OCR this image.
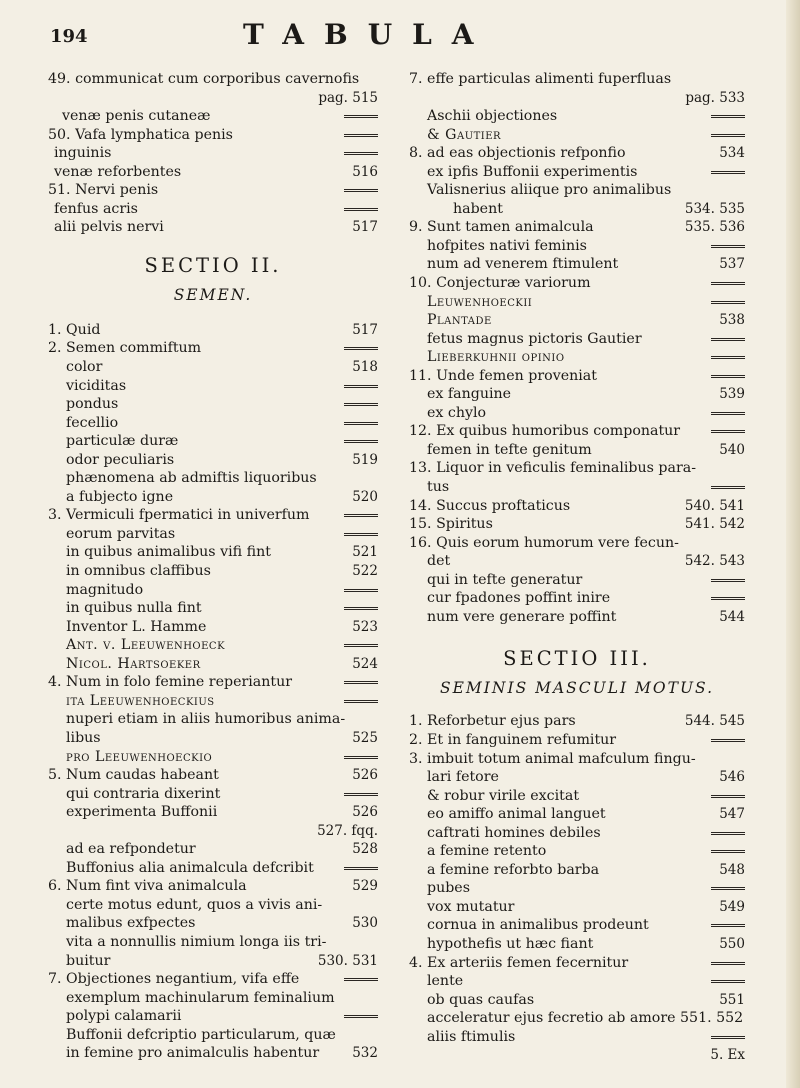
194	TABULA
49. communicat cum corporibus cavernofis
pag. 515
venæ penis cutaneæ
50. Vafa lymphatica penis
inguinis
venæ reforbentes	516
51. Nervi penis
fenfus acris
alii pelvis nervi	517
SECTIO II.
SEMEN.
1. Quid	517
2. Semen commiftum
color	518
viciditas
pondus
fecellio
particulæ duræ
odor peculiaris	519
phænomena ab admiftis liquoribus
a fubjecto igne	520
3. Vermiculi fpermatici in univerfum
eorum parvitas
in quibus animalibus vifi fint	521
in omnibus claffibus	522
magnitudo
in quibus nulla fint
Inventor L. Hamme	523
Ant. v. Leeuwenhoeck
Nicol. Hartsoeker	524
4. Num in folo femine reperiantur
ita Leeuwenhoeckius
nuperi etiam in aliis humoribus anima-
libus	525
pro Leeuwenhoeckio
5. Num caudas habeant	526
qui contraria dixerint
experimenta Buffonii	526
527. fqq.
ad ea refpondetur	528
Buffonius alia animalcula defcribit
6. Num fint viva animalcula	529
certe motus edunt, quos a vivis ani-
malibus exfpectes	530
vita a nonnullis nimium longa iis tri-
buitur	530. 531
7. Objectiones negantium, vifa effe
exemplum machinularum feminalium
polypi calamarii
Buffonii defcriptio particularum, quæ
in femine pro animalculis habentur 532
7. effe particulas alimenti fuperfluas
pag. 533
Aschii objectiones
& Gautier
8. ad eas objectionis refponfio	534
ex ipfis Buffonii experimentis
Valisnerius aliique pro animalibus
habent	534. 535
9. Sunt tamen animalcula	535. 536
hofpites nativi feminis
num ad venerem ftimulent	537
10. Conjecturæ variorum
Leuwenhoeckii
Plantade	538
fetus magnus pictoris Gautier
Lieberkuhnii opinio
11. Unde femen proveniat
ex fanguine	539
ex chylo
12. Ex quibus humoribus componatur
femen in tefte genitum	540
13. Liquor in veficulis feminalibus para-
tus
14. Succus proftaticus	540. 541
15. Spiritus	541. 542
16. Quis eorum humorum vere fecun-
det	542. 543
qui in tefte generatur
cur fpadones poffint inire
num vere generare poffint	544
SECTIO III.
SEMINIS MASCULI MOTUS.
1. Reforbetur ejus pars	544. 545
2. Et in fanguinem refumitur
3. imbuit totum animal mafculum fingu-
lari fetore	546
& robur virile excitat
eo amiffo animal languet	547
caftrati homines debiles
a femine retento
a femine reforbto barba	548
pubes
vox mutatur	549
cornua in animalibus prodeunt
hypothefis ut hæc fiant	550
4. Ex arteriis femen fecernitur
lente
ob quas caufas	551
acceleratur ejus fecretio ab amore 551. 552
aliis ftimulis
5. Ex
